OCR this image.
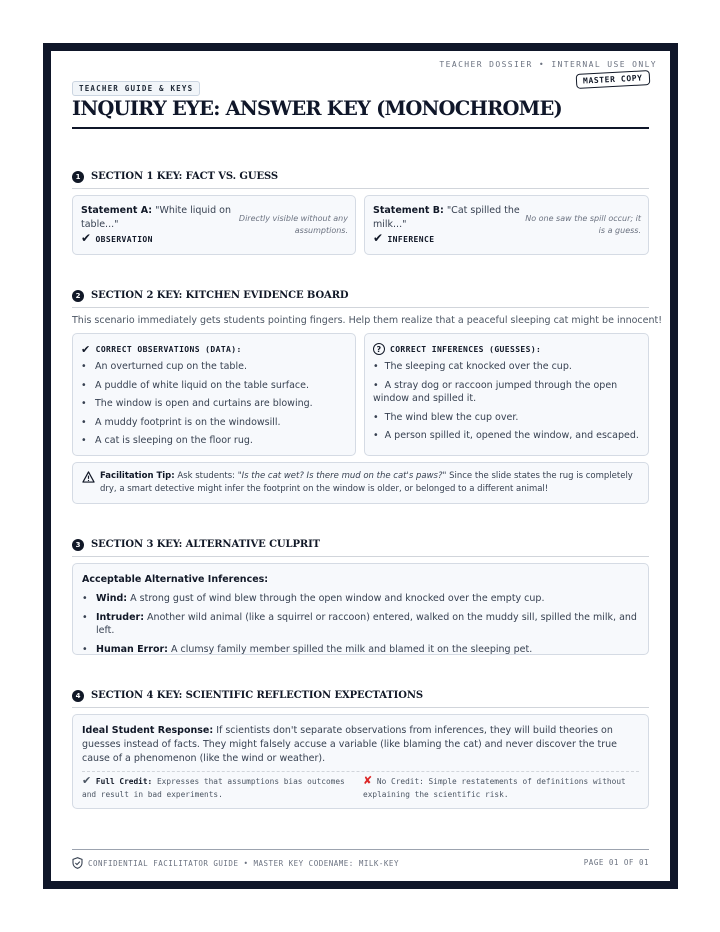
TEACHER DOSSIER • INTERNAL USE ONLY
MASTER COPY
TEACHER GUIDE & KEYS
INQUIRY EYE: ANSWER KEY (MONOCHROME)
1	SECTION 1 KEY: FACT VS. GUESS
Statement A: "White liquid on table..."
Directly visible without any assumptions.
✔ OBSERVATION
Statement B: "Cat spilled the milk..."
No one saw the spill occur; it is a guess.
✔ INFERENCE
2	SECTION 2 KEY: KITCHEN EVIDENCE BOARD
This scenario immediately gets students pointing fingers. Help them realize that a peaceful sleeping cat might be innocent!
✔ CORRECT OBSERVATIONS (DATA):
• An overturned cup on the table.
• A puddle of white liquid on the table surface.
• The window is open and curtains are blowing.
• A muddy footprint is on the windowsill.
• A cat is sleeping on the floor rug.
?	CORRECT INFERENCES (GUESSES):
•  The sleeping cat knocked over the cup.
•  A stray dog or raccoon jumped through the open window and spilled it.
•  The wind blew the cup over.
•  A person spilled it, opened the window, and escaped.
Facilitation Tip: Ask students: "Is the cat wet? Is there mud on the cat's paws?" Since the slide states the rug is completely dry, a smart detective might infer the footprint on the window is older, or belonged to a different animal!
3	SECTION 3 KEY: ALTERNATIVE CULPRIT
Acceptable Alternative Inferences:
• Wind: A strong gust of wind blew through the open window and knocked over the empty cup.
• Intruder: Another wild animal (like a squirrel or raccoon) entered, walked on the muddy sill, spilled the milk, and left.
• Human Error: A clumsy family member spilled the milk and blamed it on the sleeping pet.
4	SECTION 4 KEY: SCIENTIFIC REFLECTION EXPECTATIONS
Ideal Student Response: If scientists don't separate observations from inferences, they will build theories on guesses instead of facts. They might falsely accuse a variable (like blaming the cat) and never discover the true cause of a phenomenon (like the wind or weather).
✔ Full Credit: Expresses that assumptions bias outcomes and result in bad experiments.
✘ No Credit: Simple restatements of definitions without explaining the scientific risk.
CONFIDENTIAL FACILITATOR GUIDE • MASTER KEY CODENAME: MILK-KEY	PAGE 01 OF 01
